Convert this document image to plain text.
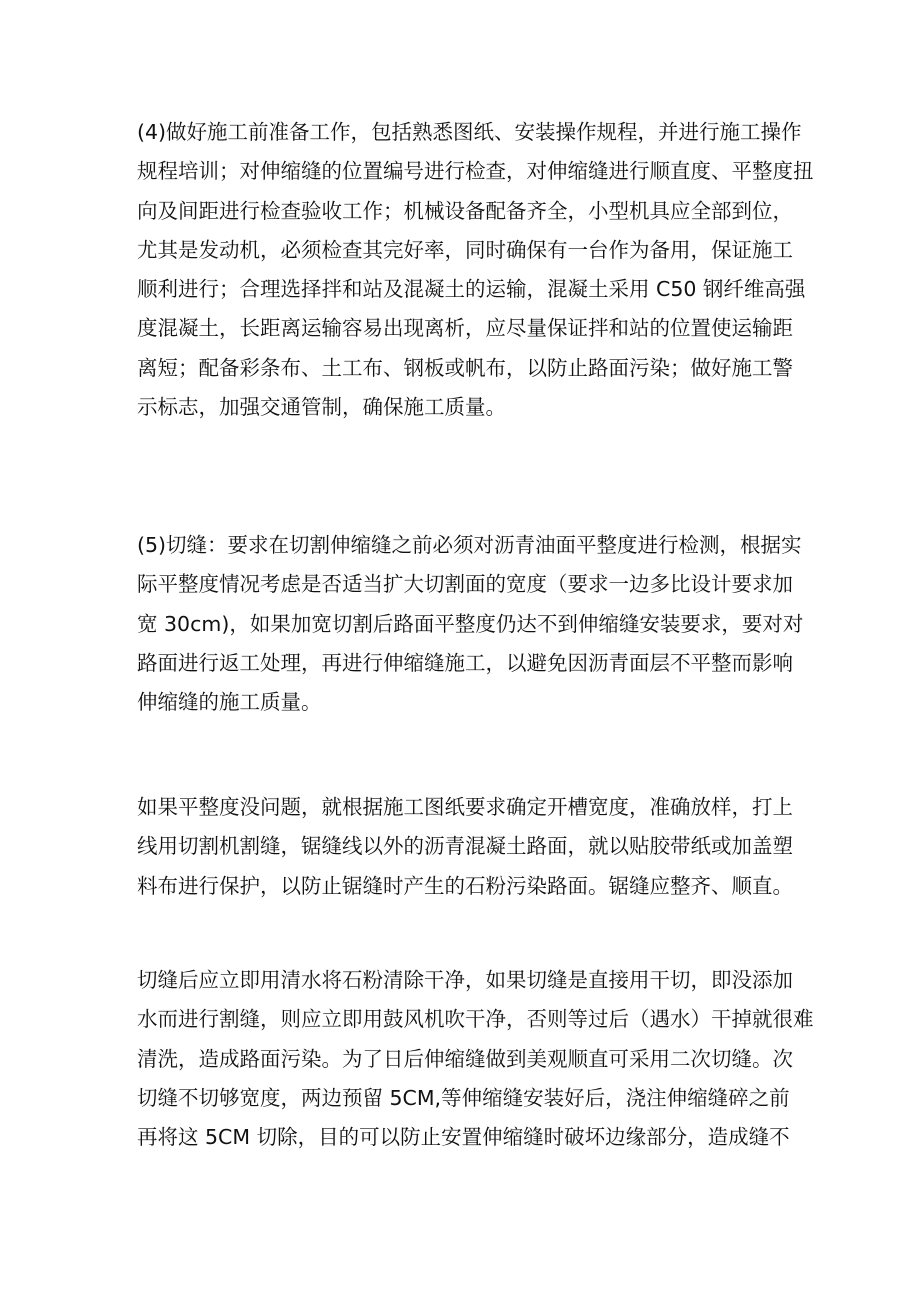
(4)做好施工前准备工作，包括熟悉图纸、安装操作规程，并进行施工操作
规程培训；对伸缩缝的位置编号进行检查，对伸缩缝进行顺直度、平整度扭
向及间距进行检查验收工作；机械设备配备齐全，小型机具应全部到位，
尤其是发动机，必须检查其完好率，同时确保有一台作为备用，保证施工
顺利进行；合理选择拌和站及混凝土的运输，混凝土采用 C50 钢纤维高强
度混凝土，长距离运输容易出现离析，应尽量保证拌和站的位置使运输距
离短；配备彩条布、土工布、钢板或帆布，以防止路面污染；做好施工警
示标志，加强交通管制，确保施工质量。
(5)切缝：要求在切割伸缩缝之前必须对沥青油面平整度进行检测，根据实
际平整度情况考虑是否适当扩大切割面的宽度（要求一边多比设计要求加
宽 30cm)，如果加宽切割后路面平整度仍达不到伸缩缝安装要求，要对对
路面进行返工处理，再进行伸缩缝施工，以避免因沥青面层不平整而影响
伸缩缝的施工质量。
如果平整度没问题，就根据施工图纸要求确定开槽宽度，准确放样，打上
线用切割机割缝，锯缝线以外的沥青混凝土路面，就以贴胶带纸或加盖塑
料布进行保护，以防止锯缝时产生的石粉污染路面。锯缝应整齐、顺直。
切缝后应立即用清水将石粉清除干净，如果切缝是直接用干切，即没添加
水而进行割缝，则应立即用鼓风机吹干净，否则等过后（遇水）干掉就很难
清洗，造成路面污染。为了日后伸缩缝做到美观顺直可采用二次切缝。次
切缝不切够宽度，两边预留 5CM,等伸缩缝安装好后，浇注伸缩缝碎之前
再将这 5CM 切除，目的可以防止安置伸缩缝时破坏边缘部分，造成缝不
